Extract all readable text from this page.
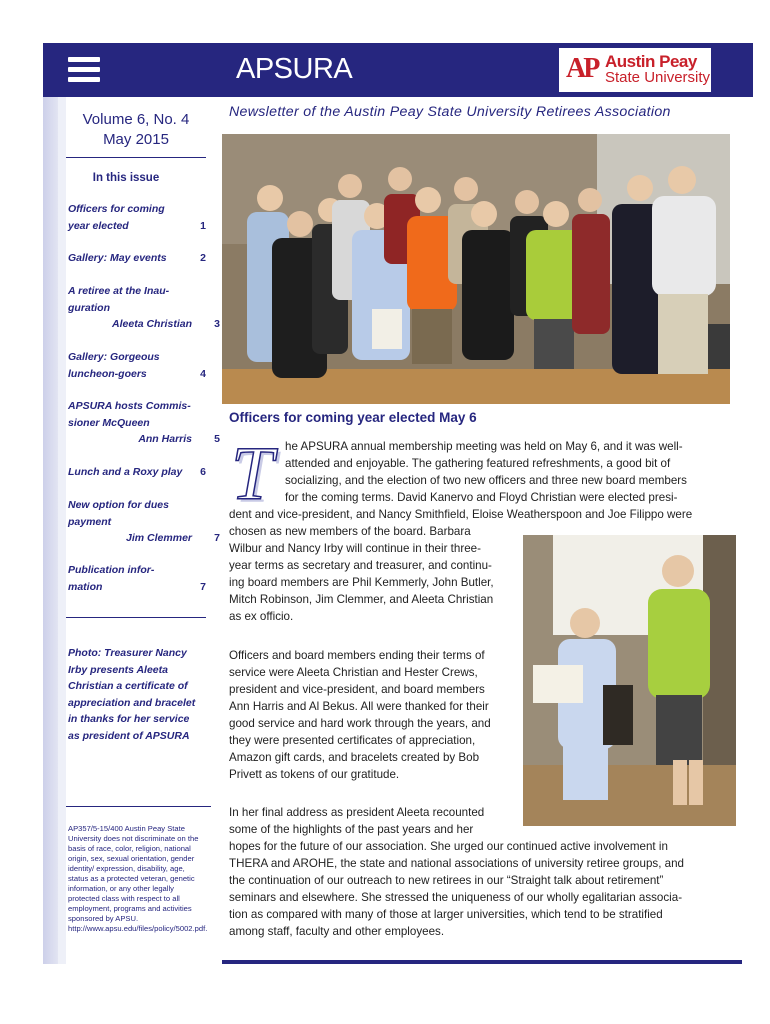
APSURA	AP Austin Peay
State University
Volume 6, No. 4
May 2015
In this issue
Officers for coming
year elected	1
Gallery: May events	2
A retiree at the Inau-
guration
Aleeta Christian 3
Gallery: Gorgeous
luncheon-goers	4
APSURA hosts Commis-
sioner McQueen
Ann Harris 5
Lunch and a Roxy play 6
New option for dues
payment
Jim Clemmer 7
Publication infor-
mation	7
Photo: Treasurer Nancy Irby presents Aleeta Christian a certificate of appreciation and bracelet in thanks for her service as president of APSURA
AP357/5-15/400 Austin Peay State University does not discriminate on the basis of race, color, religion, national origin, sex, sexual orientation, gender identity/ expression, disability, age, status as a protected veteran, genetic information, or any other legally protected class with respect to all employment, programs and activities sponsored by APSU. http://www.apsu.edu/files/policy/5002.pdf.
Newsletter of the Austin Peay State University Retirees Association
Officers for coming year elected May 6
T he APSURA annual membership meeting was held on May 6, and it was well-

attended and enjoyable. The gathering featured refreshments, a good bit of

socializing, and the election of two new officers and three new board members

for the coming terms. David Kanervo and Floyd Christian were elected presi-

dent and vice-president, and Nancy Smithfield, Eloise Weatherspoon and Joe Filippo were

chosen as new members of the board. Barbara

Wilbur and Nancy Irby will continue in their three-

year terms as secretary and treasurer, and continu-

ing board members are Phil Kemmerly, John Butler,

Mitch Robinson, Jim Clemmer, and Aleeta Christian

as ex officio.

Officers and board members ending their terms of

service were Aleeta Christian and Hester Crews,

president and vice-president, and board members

Ann Harris and Al Bekus. All were thanked for their

good service and hard work through the years, and

they were presented certificates of appreciation,

Amazon gift cards, and bracelets created by Bob

Privett as tokens of our gratitude.

In her final address as president Aleeta recounted

some of the highlights of the past years and her

hopes for the future of our association. She urged our continued active involvement in

THERA and AROHE, the state and national associations of university retiree groups, and

the continuation of our outreach to new retirees in our “Straight talk about retirement”

seminars and elsewhere. She stressed the uniqueness of our wholly egalitarian associa-

tion as compared with many of those at larger universities, which tend to be stratified

among staff, faculty and other employees.
